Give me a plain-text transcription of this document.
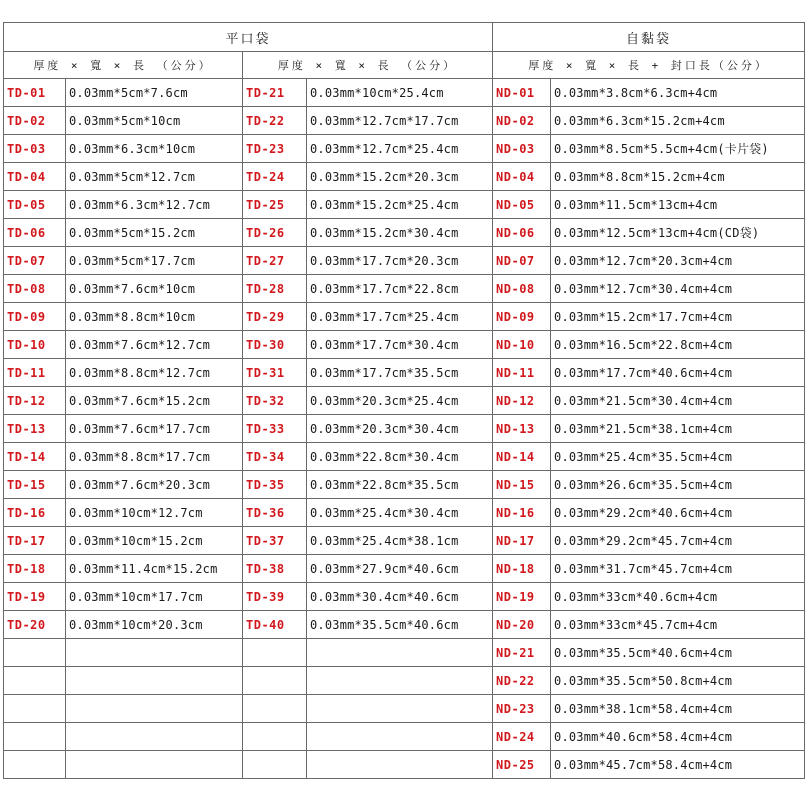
平口袋				自黏袋	
厚度 × 寬 × 長 （公分）		厚度 × 寬 × 長 （公分）		厚度 × 寬 × 長 + 封口長（公分）	
TD-01	0.03mm*5cm*7.6cm	TD-21	0.03mm*10cm*25.4cm	ND-01	0.03mm*3.8cm*6.3cm+4cm
TD-02	0.03mm*5cm*10cm	TD-22	0.03mm*12.7cm*17.7cm	ND-02	0.03mm*6.3cm*15.2cm+4cm
TD-03	0.03mm*6.3cm*10cm	TD-23	0.03mm*12.7cm*25.4cm	ND-03	0.03mm*8.5cm*5.5cm+4cm(卡片袋)
TD-04	0.03mm*5cm*12.7cm	TD-24	0.03mm*15.2cm*20.3cm	ND-04	0.03mm*8.8cm*15.2cm+4cm
TD-05	0.03mm*6.3cm*12.7cm	TD-25	0.03mm*15.2cm*25.4cm	ND-05	0.03mm*11.5cm*13cm+4cm
TD-06	0.03mm*5cm*15.2cm	TD-26	0.03mm*15.2cm*30.4cm	ND-06	0.03mm*12.5cm*13cm+4cm(CD袋)
TD-07	0.03mm*5cm*17.7cm	TD-27	0.03mm*17.7cm*20.3cm	ND-07	0.03mm*12.7cm*20.3cm+4cm
TD-08	0.03mm*7.6cm*10cm	TD-28	0.03mm*17.7cm*22.8cm	ND-08	0.03mm*12.7cm*30.4cm+4cm
TD-09	0.03mm*8.8cm*10cm	TD-29	0.03mm*17.7cm*25.4cm	ND-09	0.03mm*15.2cm*17.7cm+4cm
TD-10	0.03mm*7.6cm*12.7cm	TD-30	0.03mm*17.7cm*30.4cm	ND-10	0.03mm*16.5cm*22.8cm+4cm
TD-11	0.03mm*8.8cm*12.7cm	TD-31	0.03mm*17.7cm*35.5cm	ND-11	0.03mm*17.7cm*40.6cm+4cm
TD-12	0.03mm*7.6cm*15.2cm	TD-32	0.03mm*20.3cm*25.4cm	ND-12	0.03mm*21.5cm*30.4cm+4cm
TD-13	0.03mm*7.6cm*17.7cm	TD-33	0.03mm*20.3cm*30.4cm	ND-13	0.03mm*21.5cm*38.1cm+4cm
TD-14	0.03mm*8.8cm*17.7cm	TD-34	0.03mm*22.8cm*30.4cm	ND-14	0.03mm*25.4cm*35.5cm+4cm
TD-15	0.03mm*7.6cm*20.3cm	TD-35	0.03mm*22.8cm*35.5cm	ND-15	0.03mm*26.6cm*35.5cm+4cm
TD-16	0.03mm*10cm*12.7cm	TD-36	0.03mm*25.4cm*30.4cm	ND-16	0.03mm*29.2cm*40.6cm+4cm
TD-17	0.03mm*10cm*15.2cm	TD-37	0.03mm*25.4cm*38.1cm	ND-17	0.03mm*29.2cm*45.7cm+4cm
TD-18	0.03mm*11.4cm*15.2cm	TD-38	0.03mm*27.9cm*40.6cm	ND-18	0.03mm*31.7cm*45.7cm+4cm
TD-19	0.03mm*10cm*17.7cm	TD-39	0.03mm*30.4cm*40.6cm	ND-19	0.03mm*33cm*40.6cm+4cm
TD-20	0.03mm*10cm*20.3cm	TD-40	0.03mm*35.5cm*40.6cm	ND-20	0.03mm*33cm*45.7cm+4cm
				ND-21	0.03mm*35.5cm*40.6cm+4cm
				ND-22	0.03mm*35.5cm*50.8cm+4cm
				ND-23	0.03mm*38.1cm*58.4cm+4cm
				ND-24	0.03mm*40.6cm*58.4cm+4cm
				ND-25	0.03mm*45.7cm*58.4cm+4cm
